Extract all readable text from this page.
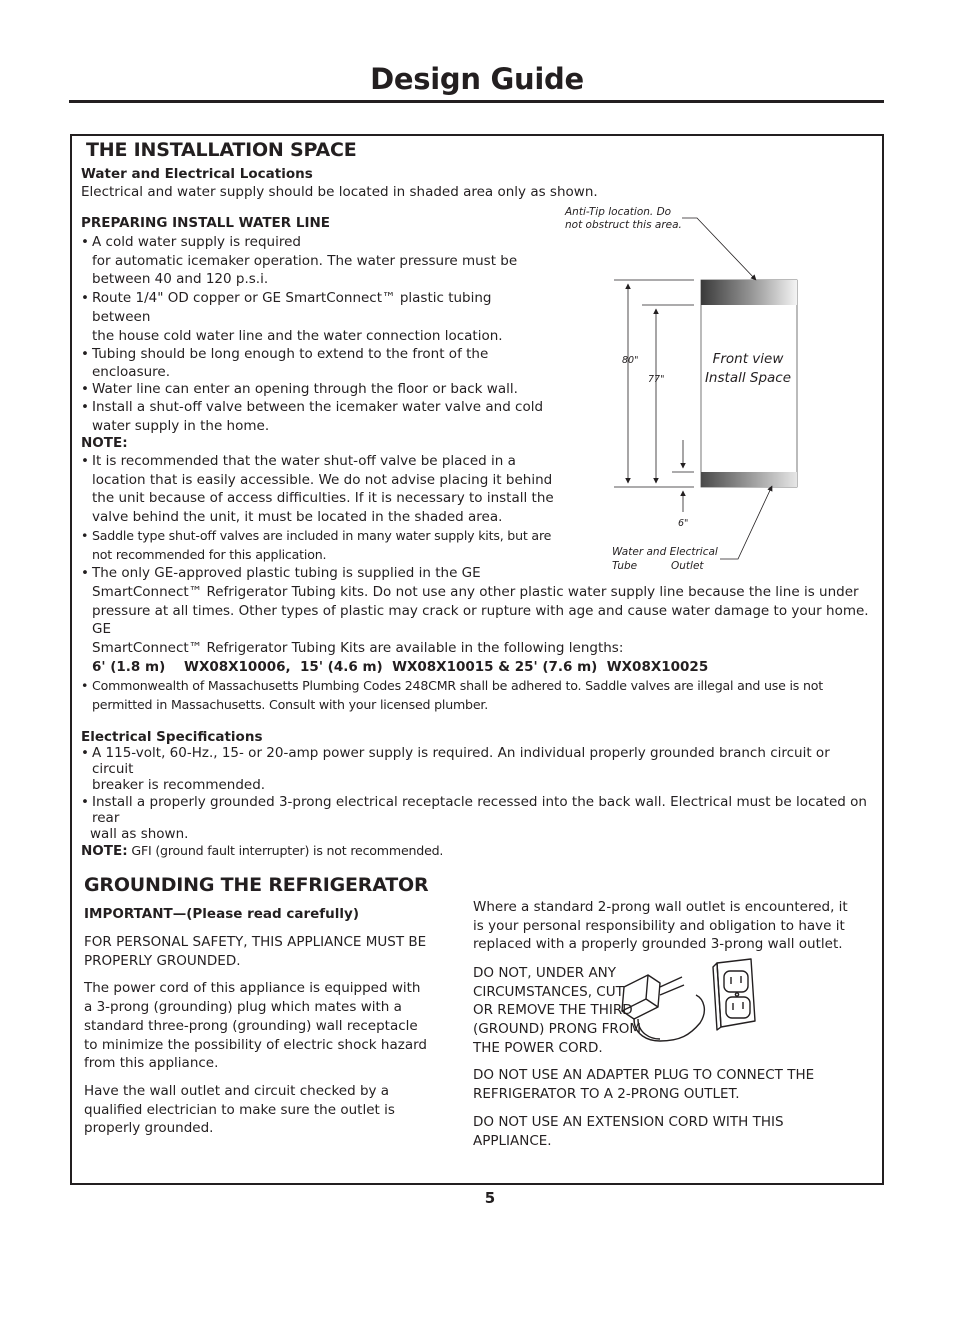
Design Guide
THE INSTALLATION SPACE
Water and Electrical Locations
Electrical and water supply should be located in shaded area only as shown.
PREPARING INSTALL WATER LINE
• A cold water supply is required
for automatic icemaker operation. The water pressure must be
between 40 and 120 p.s.i.
• Route 1/4" OD copper or GE SmartConnect™ plastic tubing between
the house cold water line and the water connection location.
• Tubing should be long enough to extend to the front of the
encloasure.
• Water line can enter an opening through the floor or back wall.
• Install a shut-off valve between the icemaker water valve and cold
water supply in the home.
NOTE:
• It is recommended that the water shut-off valve be placed in a
location that is easily accessible. We do not advise placing it behind
the unit because of access difficulties. If it is necessary to install the
valve behind the unit, it must be located in the shaded area.
• Saddle type shut-off valves are included in many water supply kits, but are
not recommended for this application.
• The only GE-approved plastic tubing is supplied in the GE
SmartConnect™ Refrigerator Tubing kits. Do not use any other plastic water supply line because the line is under
pressure at all times. Other types of plastic may crack or rupture with age and cause water damage to your home. GE
SmartConnect™ Refrigerator Tubing Kits are available in the following lengths:
6' (1.8 m)    WX08X10006,  15' (4.6 m)  WX08X10015 & 25' (7.6 m)  WX08X10025
• Commonwealth of Massachusetts Plumbing Codes 248CMR shall be adhered to. Saddle valves are illegal and use is not
permitted in Massachusetts. Consult with your licensed plumber.
Electrical Specifications
• A 115-volt, 60-Hz., 15- or 20-amp power supply is required. An individual properly grounded branch circuit or circuit
breaker is recommended.
• Install a properly grounded 3-prong electrical receptacle recessed into the back wall. Electrical must be located on rear
wall as shown.
NOTE: GFI (ground fault interrupter) is not recommended.
Anti-Tip location. Do
not obstruct this area.
Front view
Install Space
80"
77"
6"
Water and Electrical
Tube	Outlet
GROUNDING THE REFRIGERATOR
IMPORTANT—(Please read carefully)
FOR PERSONAL SAFETY, THIS APPLIANCE MUST BE
PROPERLY GROUNDED.
The power cord of this appliance is equipped with
a 3-prong (grounding) plug which mates with a
standard three-prong (grounding) wall receptacle
to minimize the possibility of electric shock hazard
from this appliance.
Have the wall outlet and circuit checked by a
qualified electrician to make sure the outlet is
properly grounded.
Where a standard 2-prong wall outlet is encountered, it
is your personal responsibility and obligation to have it
replaced with a properly grounded 3-prong wall outlet.
DO NOT, UNDER ANY
CIRCUMSTANCES, CUT
OR REMOVE THE THIRD
(GROUND) PRONG FROM
THE POWER CORD.
DO NOT USE AN ADAPTER PLUG TO CONNECT THE
REFRIGERATOR TO A 2-PRONG OUTLET.
DO NOT USE AN EXTENSION CORD WITH THIS
APPLIANCE.
5
